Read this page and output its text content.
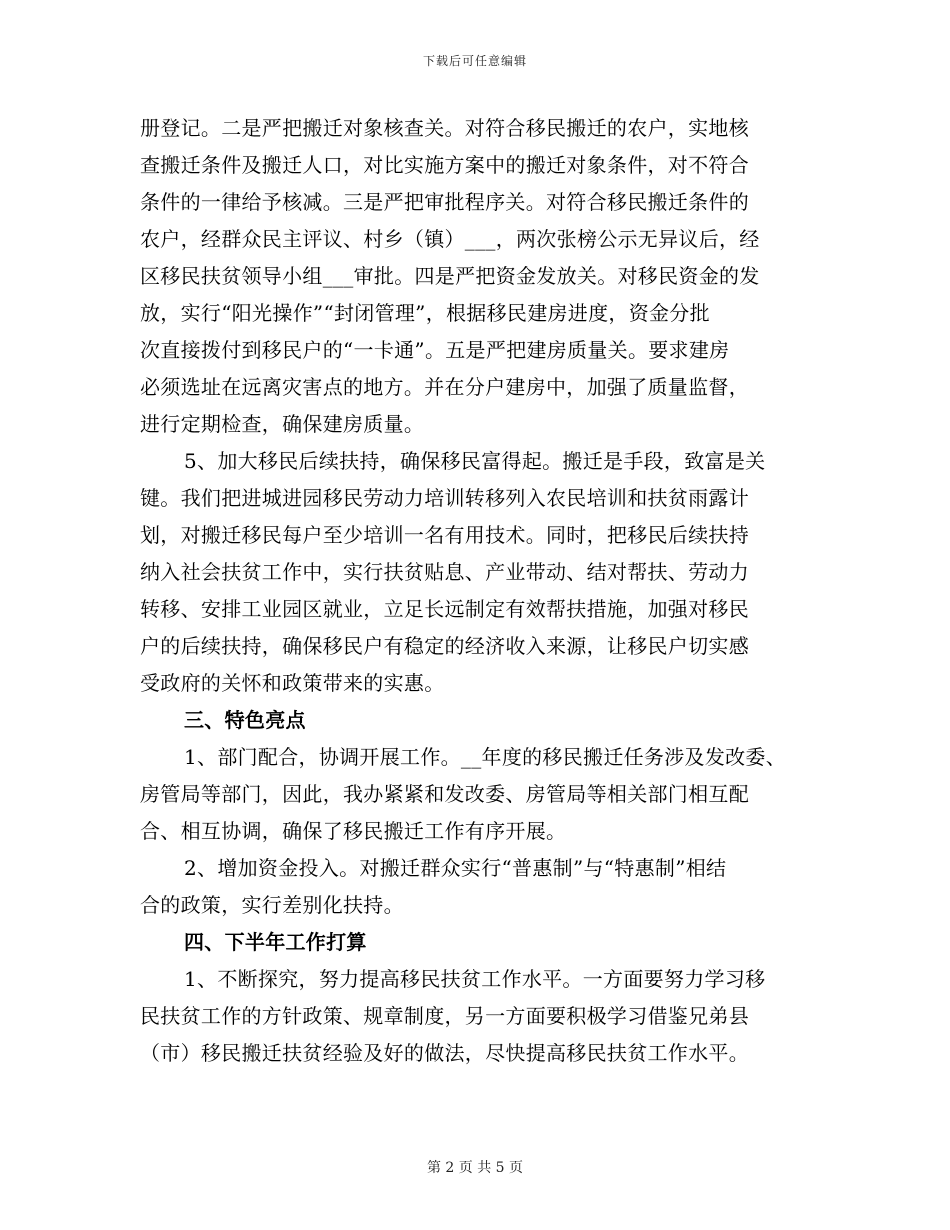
下载后可任意编辑
册登记。二是严把搬迁对象核查关。对符合移民搬迁的农户，实地核
查搬迁条件及搬迁人口，对比实施方案中的搬迁对象条件，对不符合
条件的一律给予核减。三是严把审批程序关。对符合移民搬迁条件的
农户，经群众民主评议、村乡（镇）___，两次张榜公示无异议后，经
区移民扶贫领导小组___审批。四是严把资金发放关。对移民资金的发
放，实行“阳光操作”“封闭管理”，根据移民建房进度，资金分批
次直接拨付到移民户的“一卡通”。五是严把建房质量关。要求建房
必须选址在远离灾害点的地方。并在分户建房中，加强了质量监督，
进行定期检查，确保建房质量。
5、加大移民后续扶持，确保移民富得起。搬迁是手段，致富是关
键。我们把进城进园移民劳动力培训转移列入农民培训和扶贫雨露计
划，对搬迁移民每户至少培训一名有用技术。同时，把移民后续扶持
纳入社会扶贫工作中，实行扶贫贴息、产业带动、结对帮扶、劳动力
转移、安排工业园区就业，立足长远制定有效帮扶措施，加强对移民
户的后续扶持，确保移民户有稳定的经济收入来源，让移民户切实感
受政府的关怀和政策带来的实惠。
三、特色亮点
1、部门配合，协调开展工作。__年度的移民搬迁任务涉及发改委、
房管局等部门，因此，我办紧紧和发改委、房管局等相关部门相互配
合、相互协调，确保了移民搬迁工作有序开展。
2、增加资金投入。对搬迁群众实行“普惠制”与“特惠制”相结
合的政策，实行差别化扶持。
四、下半年工作打算
1、不断探究，努力提高移民扶贫工作水平。一方面要努力学习移
民扶贫工作的方针政策、规章制度，另一方面要积极学习借鉴兄弟县
（市）移民搬迁扶贫经验及好的做法，尽快提高移民扶贫工作水平。
第 2 页 共 5 页
